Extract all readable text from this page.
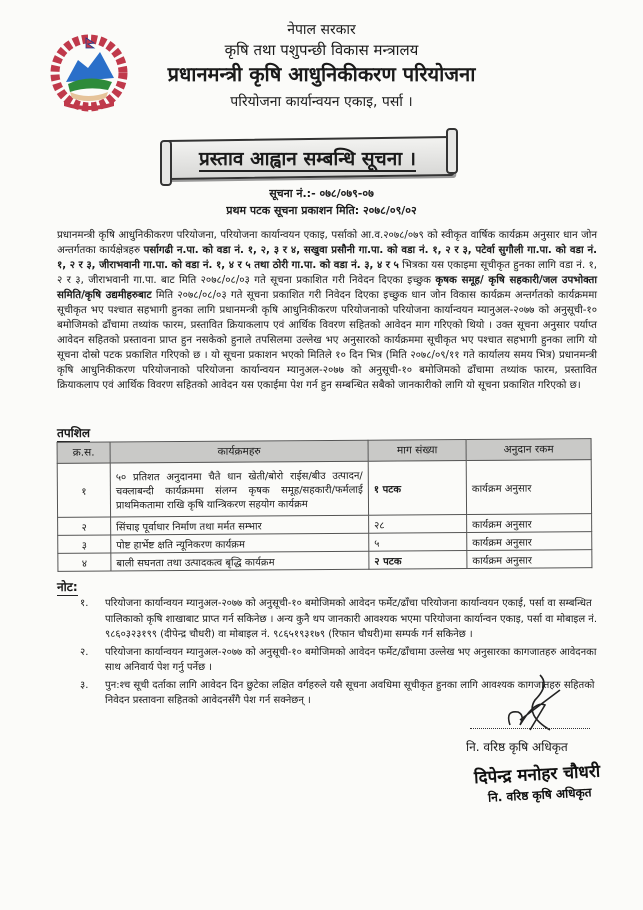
नेपाल सरकार
कृषि तथा पशुपन्छी विकास मन्त्रालय
प्रधानमन्त्री कृषि आधुनिकीकरण परियोजना
परियोजना कार्यान्वयन एकाइ, पर्सा ।
प्रस्ताव आह्वान सम्बन्धि सूचना ।
सूचना नं.:- ०७८/०७९-०७
प्रथम पटक सूचना प्रकाशन मिति: २०७८/०९/०२
प्रधानमन्त्री कृषि आधुनिकीकरण परियोजना, परियोजना कार्यान्वयन एकाइ, पर्साको आ.व.२०७८/०७९ को स्वीकृत वार्षिक कार्यक्रम अनुसार धान जोन अन्तर्गतका कार्यक्षेत्रहरु पर्सागढी न.पा. को वडा नं. १, २, ३ र ४, सखुवा प्रसौनी गा.पा. को वडा नं. १, २ र ३, पटेर्वा सुगौली गा.पा. को वडा नं. १, २ र ३, जीराभवानी गा.पा. को वडा नं. १, ४ र ५ तथा ठोरी गा.पा. को वडा नं. ३, ४ र ५ भित्रका यस एकाइमा सूचीकृत हुनका लागि वडा नं. १, २ र ३, जीराभवानी गा.पा. बाट मिति २०७८/०८/०३ गते सूचना प्रकाशित गरी निवेदन दिएका इच्छुक कृषक समूह/ कृषि सहकारी/जल उपभोक्ता समिति/कृषि उद्यमीहरुबाट मिति २०७८/०८/०३ गते सूचना प्रकाशित गरी निवेदन दिएका इच्छुक धान जोन विकास कार्यक्रम अन्तर्गतको कार्यक्रममा सूचीकृत भए पश्चात सहभागी हुनका लागि प्रधानमन्त्री कृषि आधुनिकीकरण परियोजनाको परियोजना कार्यान्वयन म्यानुअल-२०७७ को अनुसूची-१० बमोजिमको ढाँचामा तथ्यांक फारम, प्रस्तावित क्रियाकलाप एवं आर्थिक विवरण सहितको आवेदन माग गरिएको थियो । उक्त सूचना अनुसार पर्याप्त आवेदन सहितको प्रस्तावना प्राप्त हुन नसकेको हुनाले तपसिलमा उल्लेख भए अनुसारको कार्यक्रममा सूचीकृत भए पश्चात सहभागी हुनका लागि यो सूचना दोस्रो पटक प्रकाशित गरिएको छ । यो सूचना प्रकाशन भएको मितिले १० दिन भित्र (मिति २०७८/०९/११ गते कार्यालय समय भित्र) प्रधानमन्त्री कृषि आधुनिकीकरण परियोजनाको परियोजना कार्यान्वयन म्यानुअल-२०७७ को अनुसूची-१० बमोजिमको ढाँचामा तथ्यांक फारम, प्रस्तावित क्रियाकलाप एवं आर्थिक विवरण सहितको आवेदन यस एकाईमा पेश गर्न हुन सम्बन्धित सबैको जानकारीको लागि यो सूचना प्रकाशित गरिएको छ।
तपशिल
क्र.स.	कार्यक्रमहरु	माग संख्या	अनुदान रकम
१	५० प्रतिशत अनुदानमा चैते धान खेती/बोरो राईस/बीउ उत्पादन/चक्लाबन्दी कार्यक्रममा संलग्न कृषक समूह/सहकारी/फर्मलाई प्राथमिकतामा राखि कृषि यान्त्रिकरण सहयोग कार्यक्रम	१ पटक	कार्यक्रम अनुसार
२	सिंचाइ पूर्वाधार निर्माण तथा मर्मत सम्भार	२८	कार्यक्रम अनुसार
३	पोष्ट हार्भेष्ट क्षति न्यूनिकरण कार्यक्रम	५	कार्यक्रम अनुसार
४	बाली सघनता तथा उत्पादकत्व बृद्धि कार्यक्रम	२ पटक	कार्यक्रम अनुसार
नोट:
१. परियोजना कार्यान्वयन म्यानुअल-२०७७ को अनुसूची-१० बमोजिमको आवेदन फर्मेट/ढाँचा परियोजना कार्यान्वयन एकाई, पर्सा वा सम्बन्धित पालिकाको कृषि शाखाबाट प्राप्त गर्न सकिनेछ । अन्य कुनै थप जानकारी आवश्यक भएमा परियोजना कार्यान्वन एकाइ, पर्सा वा मोबाइल नं. ९८६०३२३१९९ (दीपेन्द्र चौधरी) वा मोबाइल नं. ९८६५१९३१७९ (रिफान चौधरी)मा सम्पर्क गर्न सकिनेछ ।
२. परियोजना कार्यान्वयन म्यानुअल-२०७७ को अनुसूची-१० बमोजिमको आवेदन फर्मेट/ढाँचामा उल्लेख भए अनुसारका कागजातहरु आवेदनका साथ अनिवार्य पेश गर्नु पर्नेछ ।
३. पुन:श्च सूची दर्ताका लागि आवेदन दिन छुटेका लक्षित वर्गहरुले यसै सूचना अवधिमा सूचीकृत हुनका लागि आवश्यक कागजातहरु सहितको निवेदन प्रस्तावना सहितको आवेदनसँगै पेश गर्न सक्नेछन् ।
नि. वरिष्ठ कृषि अधिकृत
दिपेन्द्र मनोहर चौधरी
नि. वरिष्ठ कृषि अधिकृत
